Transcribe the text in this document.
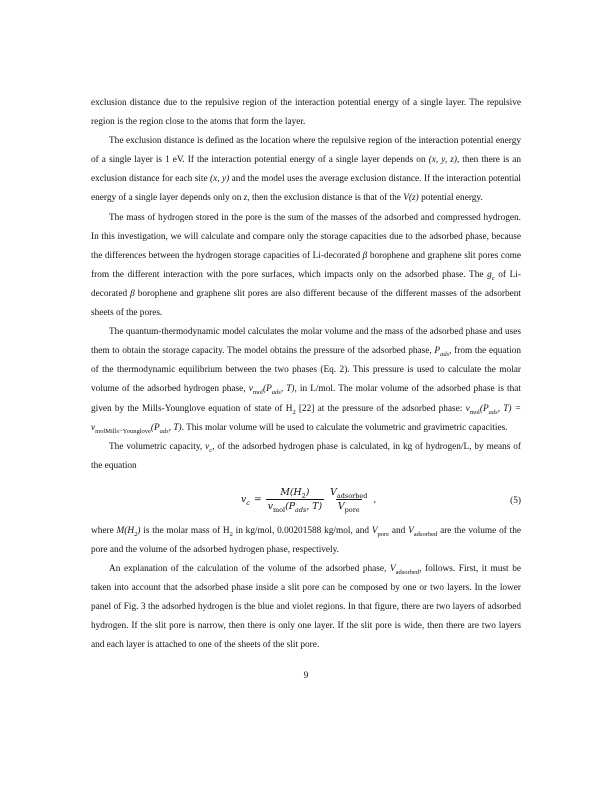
exclusion distance due to the repulsive region of the interaction potential energy of a single layer. The repulsive region is the region close to the atoms that form the layer.

The exclusion distance is defined as the location where the repulsive region of the interaction potential energy of a single layer is 1 eV. If the interaction potential energy of a single layer depends on (x, y, z), then there is an exclusion distance for each site (x, y) and the model uses the average exclusion distance. If the interaction potential energy of a single layer depends only on z, then the exclusion distance is that of the V(z) potential energy.

The mass of hydrogen stored in the pore is the sum of the masses of the adsorbed and compressed hydrogen. In this investigation, we will calculate and compare only the storage capacities due to the adsorbed phase, because the differences between the hydrogen storage capacities of Li-decorated β borophene and graphene slit pores come from the different interaction with the pore surfaces, which impacts only on the adsorbed phase. The $g_c$ of Li-decorated β borophene and graphene slit pores are also different because of the different masses of the adsorbent sheets of the pores.

The quantum-thermodynamic model calculates the molar volume and the mass of the adsorbed phase and uses them to obtain the storage capacity. The model obtains the pressure of the adsorbed phase, $P_{ads}$, from the equation of the thermodynamic equilibrium between the two phases (Eq. 2). This pressure is used to calculate the molar volume of the adsorbed hydrogen phase, $v_{mol}(P_{ads}$, T), in L/mol. The molar volume of the adsorbed phase is that given by the Mills-Younglove equation of state of $H_2$ [22] at the pressure of the adsorbed phase: $v_{mol}(P_{ads}$, $T) = v_{molMills-Younglove}(P_{ads}$, T). This molar volume will be used to calculate the volumetric and gravimetric capacities.

The volumetric capacity, $v_c$, of the adsorbed hydrogen phase is calculated, in kg of hydrogen/L, by means of the equation

$v_c = \frac{M(H_2)}{v_{mol}(P_{ads}, T)} \frac{V_{adsorbed}}{V_{pore}}$ ,	(5)

where $M(H_2)$ is the molar mass of $H_2$ in kg/mol, 0.00201588 kg/mol, and $V_{pore}$ and $V_{adsorbed}$ are the volume of the pore and the volume of the adsorbed hydrogen phase, respectively.

An explanation of the calculation of the volume of the adsorbed phase, $V_{adsorbed}$, follows. First, it must be taken into account that the adsorbed phase inside a slit pore can be composed by one or two layers. In the lower panel of Fig. 3 the adsorbed hydrogen is the blue and violet regions. In that figure, there are two layers of adsorbed hydrogen. If the slit pore is narrow, then there is only one layer. If the slit pore is wide, then there are two layers and each layer is attached to one of the sheets of the slit pore.

9
